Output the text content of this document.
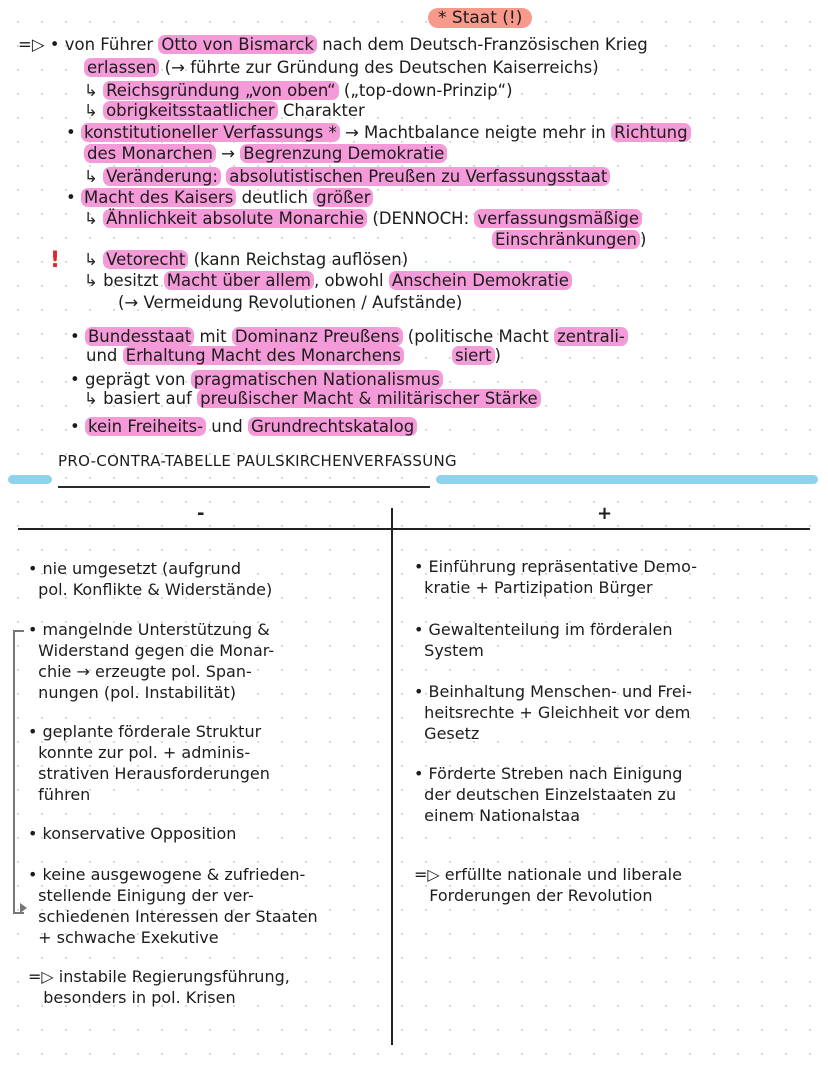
* Staat (!)
=▷ • von Führer Otto von Bismarck nach dem Deutsch-Französischen Krieg
erlassen (→ führte zur Gründung des Deutschen Kaiserreichs)
↳ Reichsgründung „von oben“ („top-down-Prinzip“)
↳ obrigkeitsstaatlicher Charakter
• konstitutioneller Verfassungs * → Machtbalance neigte mehr in Richtung
des Monarchen → Begrenzung Demokratie
↳ Veränderung: absolutistischen Preußen zu Verfassungsstaat
• Macht des Kaisers deutlich größer
↳ Ähnlichkeit absolute Monarchie (DENNOCH: verfassungsmäßige
Einschränkungen )
! ↳ Vetorecht (kann Reichstag auflösen)
↳ besitzt Macht über allem , obwohl Anschein Demokratie
(→ Vermeidung Revolutionen / Aufstände)
• Bundesstaat mit Dominanz Preußens (politische Macht zentrali-
und Erhaltung Macht des Monarchens	siert )
• geprägt von pragmatischen Nationalismus
↳ basiert auf preußischer Macht & militärischer Stärke
• kein Freiheits- und Grundrechtskatalog
PRO-CONTRA-TABELLE PAULSKIRCHENVERFASSUNG
-	+
• nie umgesetzt (aufgrund
pol. Konflikte & Widerstände)
• mangelnde Unterstützung &
Widerstand gegen die Monar-
chie → erzeugte pol. Span-
nungen (pol. Instabilität)
• geplante förderale Struktur
konnte zur pol. + adminis-
strativen Herausforderungen
führen
• konservative Opposition
• keine ausgewogene & zufrieden-
stellende Einigung der ver-
schiedenen Interessen der Staaten
+ schwache Exekutive
=▷ instabile Regierungsführung,
besonders in pol. Krisen
• Einführung repräsentative Demo-
kratie + Partizipation Bürger
• Gewaltenteilung im förderalen
System
• Beinhaltung Menschen- und Frei-
heitsrechte + Gleichheit vor dem
Gesetz
• Förderte Streben nach Einigung
der deutschen Einzelstaaten zu
einem Nationalstaa
=▷ erfüllte nationale und liberale
Forderungen der Revolution
